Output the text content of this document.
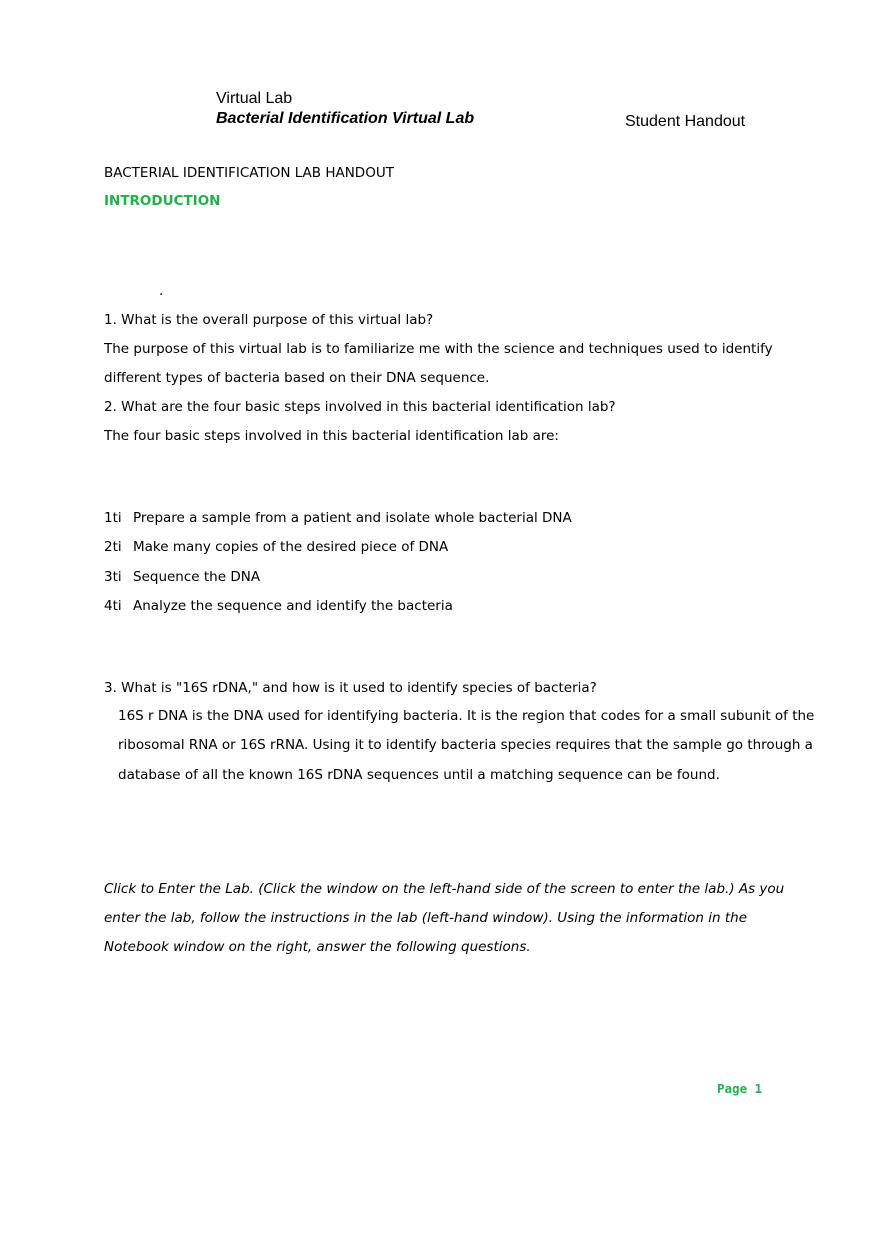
Virtual Lab
Bacterial Identification Virtual Lab	Student Handout
BACTERIAL IDENTIFICATION LAB HANDOUT
INTRODUCTION
.
1. What is the overall purpose of this virtual lab?
The purpose of this virtual lab is to familiarize me with the science and techniques used to identify
different types of bacteria based on their DNA sequence.
2. What are the four basic steps involved in this bacterial identification lab?
The four basic steps involved in this bacterial identification lab are:
1ti Prepare a sample from a patient and isolate whole bacterial DNA
2ti Make many copies of the desired piece of DNA
3ti Sequence the DNA
4ti Analyze the sequence and identify the bacteria
3. What is "16S rDNA," and how is it used to identify species of bacteria?
16S r DNA is the DNA used for identifying bacteria. It is the region that codes for a small subunit of the
ribosomal RNA or 16S rRNA. Using it to identify bacteria species requires that the sample go through a
database of all the known 16S rDNA sequences until a matching sequence can be found.
Click to Enter the Lab. (Click the window on the left-hand side of the screen to enter the lab.) As you
enter the lab, follow the instructions in the lab (left-hand window). Using the information in the
Notebook window on the right, answer the following questions.
Page 1
